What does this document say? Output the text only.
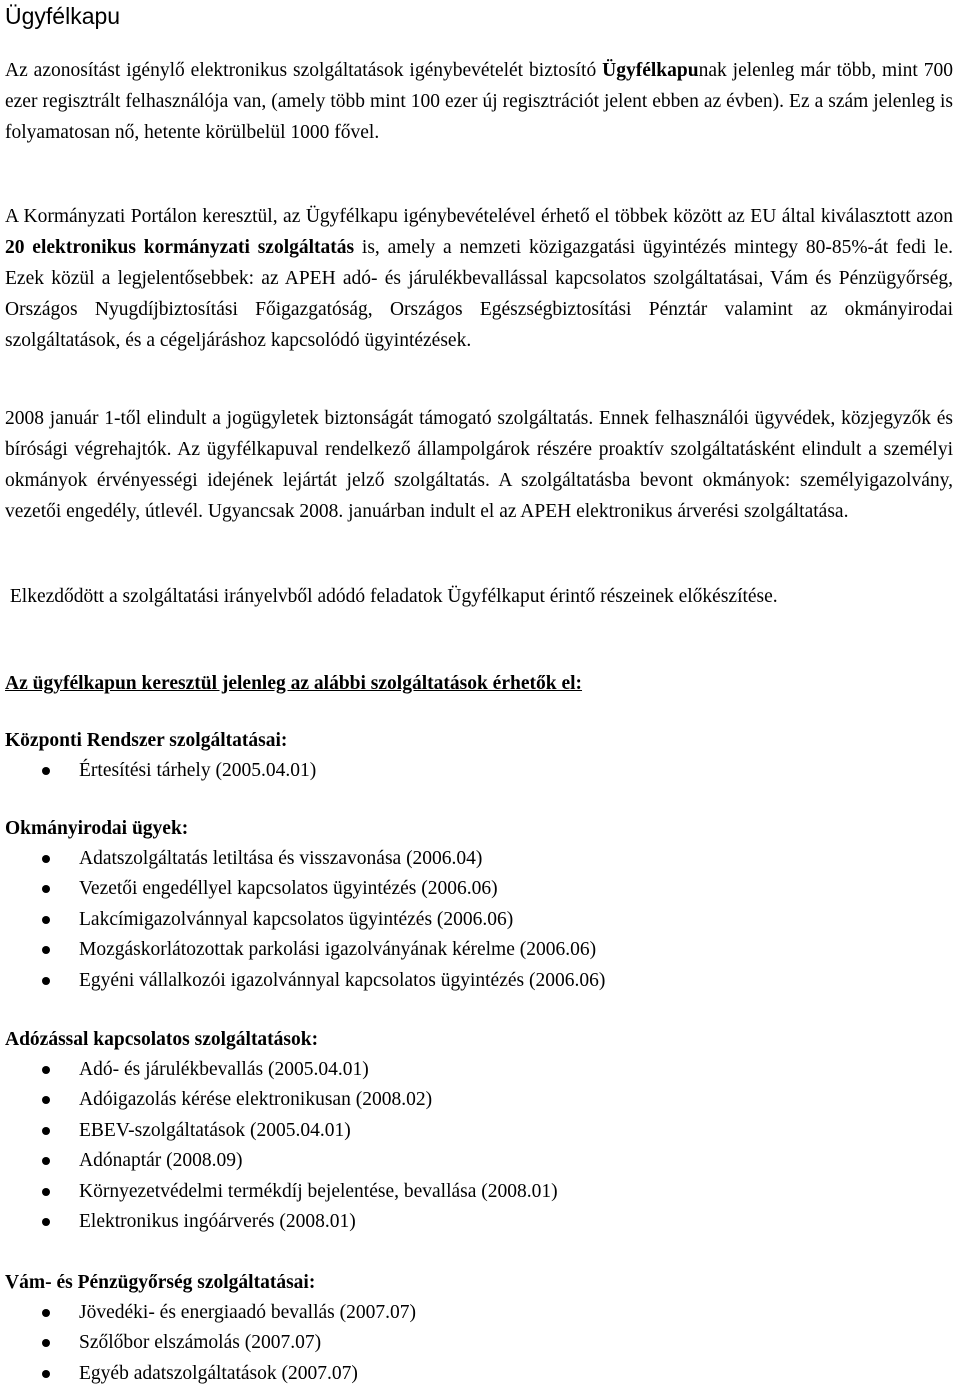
Ügyfélkapu

Az azonosítást igénylő elektronikus szolgáltatások igénybevételét biztosító Ügyfélkapunak jelenleg már több, mint 700 ezer regisztrált felhasználója van, (amely több mint 100 ezer új regisztrációt jelent ebben az évben). Ez a szám jelenleg is folyamatosan nő, hetente körülbelül 1000 fővel.

A Kormányzati Portálon keresztül, az Ügyfélkapu igénybevételével érhető el többek között az EU által kiválasztott azon 20 elektronikus kormányzati szolgáltatás is, amely a nemzeti közigazgatási ügyintézés mintegy 80-85%-át fedi le. Ezek közül a legjelentősebbek: az APEH adó- és járulékbevallással kapcsolatos szolgáltatásai, Vám és Pénzügyőrség, Országos Nyugdíjbiztosítási Főigazgatóság, Országos Egészségbiztosítási Pénztár valamint az okmányirodai szolgáltatások, és a cégeljáráshoz kapcsolódó ügyintézések.

2008 január 1-től elindult a jogügyletek biztonságát támogató szolgáltatás. Ennek felhasználói ügyvédek, közjegyzők és bírósági végrehajtók. Az ügyfélkapuval rendelkező állampolgárok részére proaktív szolgáltatásként elindult a személyi okmányok érvényességi idejének lejártát jelző szolgáltatás. A szolgáltatásba bevont okmányok: személyigazolvány, vezetői engedély, útlevél. Ugyancsak 2008. januárban indult el az APEH elektronikus árverési szolgáltatása.

Elkezdődött a szolgáltatási irányelvből adódó feladatok Ügyfélkaput érintő részeinek előkészítése.

Az ügyfélkapun keresztül jelenleg az alábbi szolgáltatások érhetők el:
Központi Rendszer szolgáltatásai:
Értesítési tárhely (2005.04.01)
Okmányirodai ügyek:
Adatszolgáltatás letiltása és visszavonása (2006.04)
Vezetői engedéllyel kapcsolatos ügyintézés (2006.06)
Lakcímigazolvánnyal kapcsolatos ügyintézés (2006.06)
Mozgáskorlátozottak parkolási igazolványának kérelme (2006.06)
Egyéni vállalkozói igazolvánnyal kapcsolatos ügyintézés (2006.06)
Adózással kapcsolatos szolgáltatások:
Adó- és járulékbevallás (2005.04.01)
Adóigazolás kérése elektronikusan (2008.02)
EBEV-szolgáltatások (2005.04.01)
Adónaptár (2008.09)
Környezetvédelmi termékdíj bejelentése, bevallása (2008.01)
Elektronikus ingóárverés (2008.01)
Vám- és Pénzügyőrség szolgáltatásai:
Jövedéki- és energiaadó bevallás (2007.07)
Szőlőbor elszámolás (2007.07)
Egyéb adatszolgáltatások (2007.07)
